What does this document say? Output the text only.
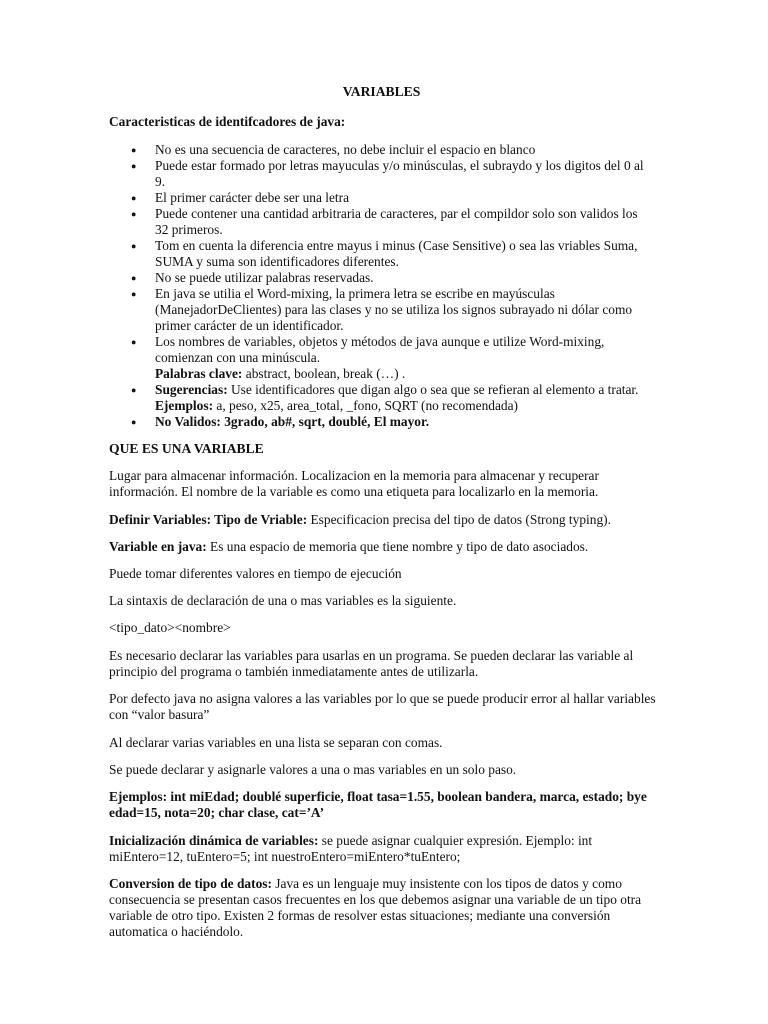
VARIABLES

Caracteristicas de identifcadores de java:

● No es una secuencia de caracteres, no debe incluir el espacio en blanco
● Puede estar formado por letras mayuculas y/o minúsculas, el subraydo y los digitos del 0 al 9.
● El primer carácter debe ser una letra
● Puede contener una cantidad arbitraria de caracteres, par el compildor solo son validos los 32 primeros.
● Tom en cuenta la diferencia entre mayus i minus (Case Sensitive) o sea las vriables Suma, SUMA y suma son identificadores diferentes.
● No se puede utilizar palabras reservadas.
● En java se utilia el Word-mixing, la primera letra se escribe en mayúsculas (ManejadorDeClientes) para las clases y no se utiliza los signos subrayado ni dólar como primer carácter de un identificador.
● Los nombres de variables, objetos y métodos de java aunque e utilize Word-mixing, comienzan con una minúscula.
Palabras clave: abstract, boolean, break (…) .
● Sugerencias: Use identificadores que digan algo o sea que se refieran al elemento a tratar. Ejemplos: a, peso, x25, area_total, _fono, SQRT (no recomendada)
● No Validos: 3grado, ab#, sqrt, doublé, El mayor.
QUE ES UNA VARIABLE

Lugar para almacenar información. Localizacion en la memoria para almacenar y recuperar información. El nombre de la variable es como una etiqueta para localizarlo en la memoria.

Definir Variables: Tipo de Vriable: Especificacion precisa del tipo de datos (Strong typing).

Variable en java: Es una espacio de memoria que tiene nombre y tipo de dato asociados.

Puede tomar diferentes valores en tiempo de ejecución

La sintaxis de declaración de una o mas variables es la siguiente.

<tipo_dato><nombre>

Es necesario declarar las variables para usarlas en un programa. Se pueden declarar las variable al principio del programa o también inmediatamente antes de utilizarla.

Por defecto java no asigna valores a las variables por lo que se puede producir error al hallar variables con “valor basura”

Al declarar varias variables en una lista se separan con comas.

Se puede declarar y asignarle valores a una o mas variables en un solo paso.

Ejemplos: int miEdad; doublé superficie, float tasa=1.55, boolean bandera, marca, estado; bye edad=15, nota=20; char clase, cat=’A’

Inicialización dinámica de variables: se puede asignar cualquier expresión. Ejemplo: int miEntero=12, tuEntero=5; int nuestroEntero=miEntero*tuEntero;

Conversion de tipo de datos: Java es un lenguaje muy insistente con los tipos de datos y como consecuencia se presentan casos frecuentes en los que debemos asignar una variable de un tipo otra variable de otro tipo. Existen 2 formas de resolver estas situaciones; mediante una conversión automatica o haciéndolo.
